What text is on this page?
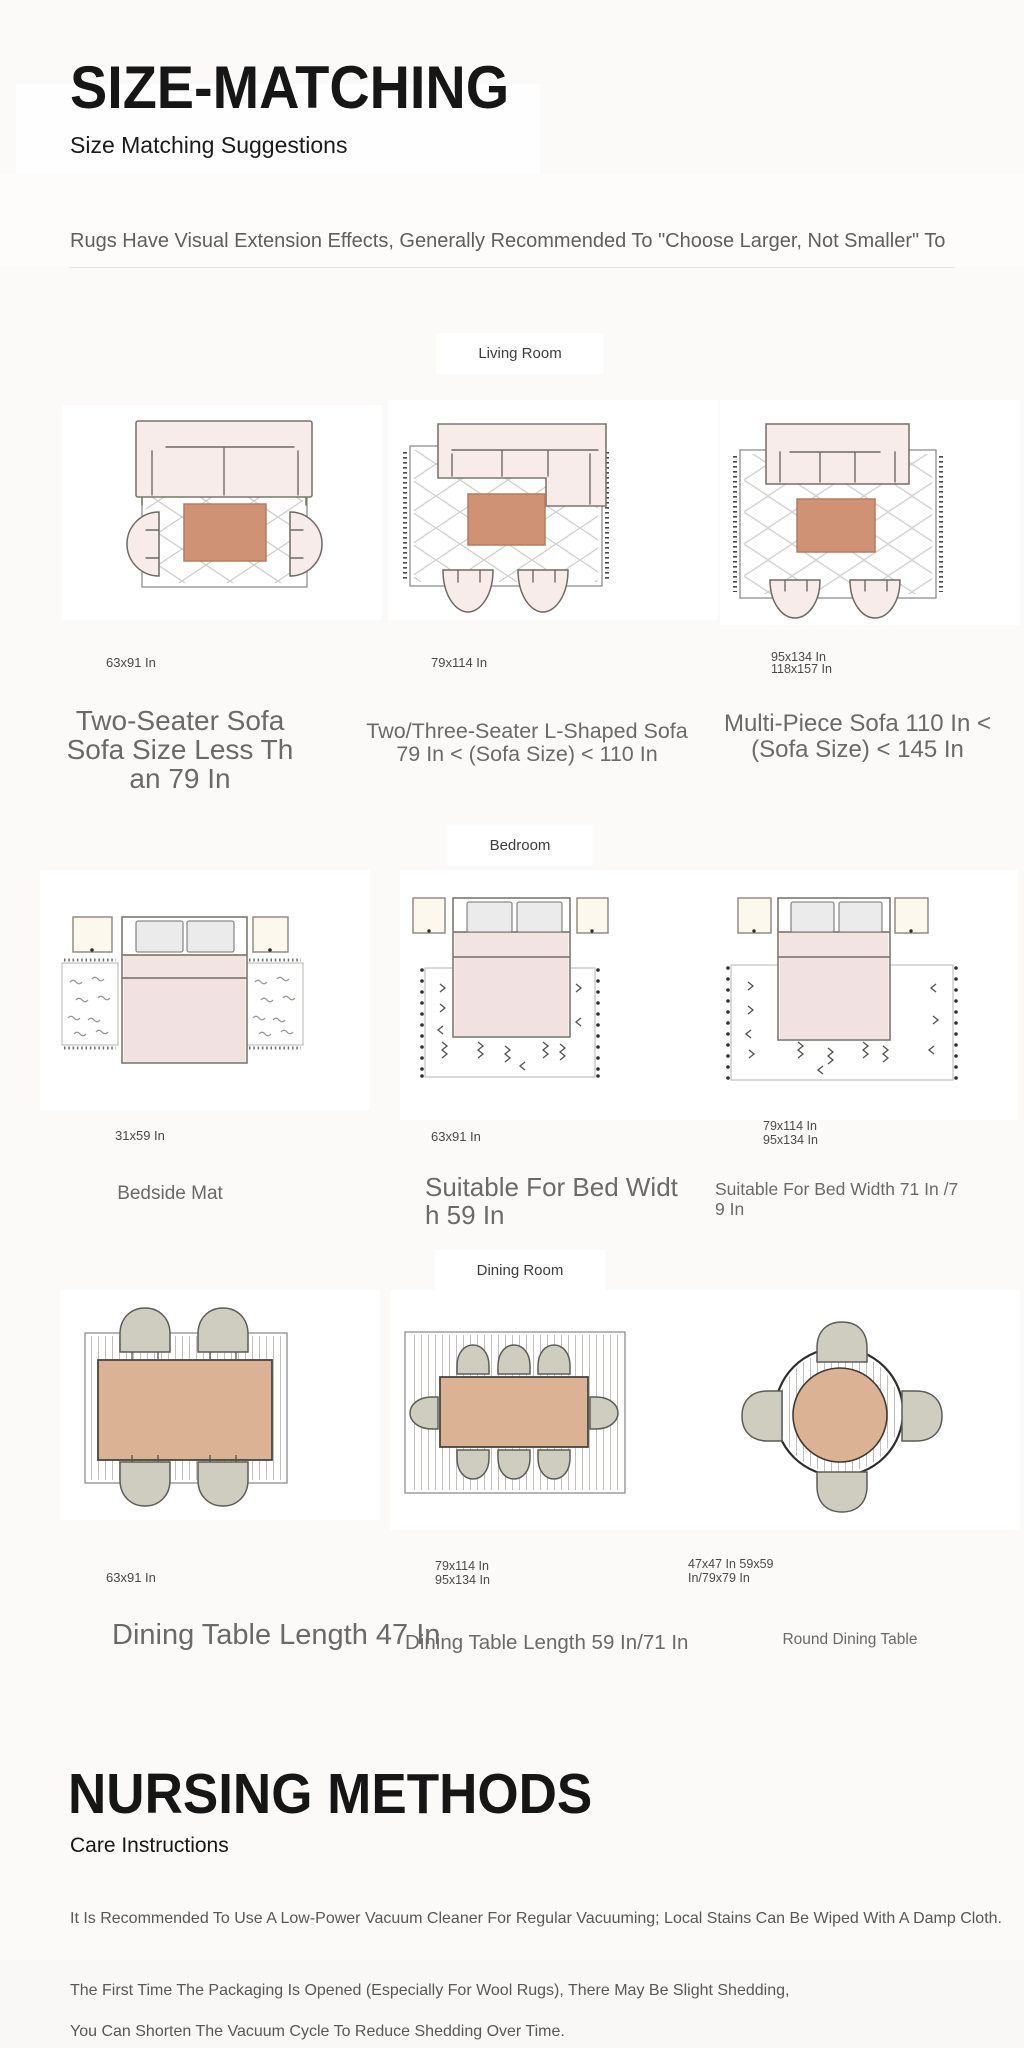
SIZE-MATCHING
Size Matching Suggestions
Rugs Have Visual Extension Effects, Generally Recommended To "Choose Larger, Not Smaller" To
Living Room
63x91 In
Two-Seater Sofa Sofa Size Less Than 79 In
79x114 In
Two/Three-Seater L-Shaped Sofa 79 In < (Sofa Size) < 110 In
95x134 In
118x157 In
Multi-Piece Sofa 110 In < (Sofa Size) < 145 In
Bedroom
31x59 In
Bedside Mat
63x91 In
Suitable For Bed Width 59 In
79x114 In
95x134 In
Suitable For Bed Width 71 In /79 In
Dining Room
63x91 In
Dining Table Length 47 In
79x114 In
95x134 In
Dining Table Length 59 In/71 In
47x47 In 59x59
In/79x79 In
Round Dining Table
NURSING METHODS
Care Instructions
It Is Recommended To Use A Low-Power Vacuum Cleaner For Regular Vacuuming; Local Stains Can Be Wiped With A Damp Cloth.
The First Time The Packaging Is Opened (Especially For Wool Rugs), There May Be Slight Shedding,
You Can Shorten The Vacuum Cycle To Reduce Shedding Over Time.
